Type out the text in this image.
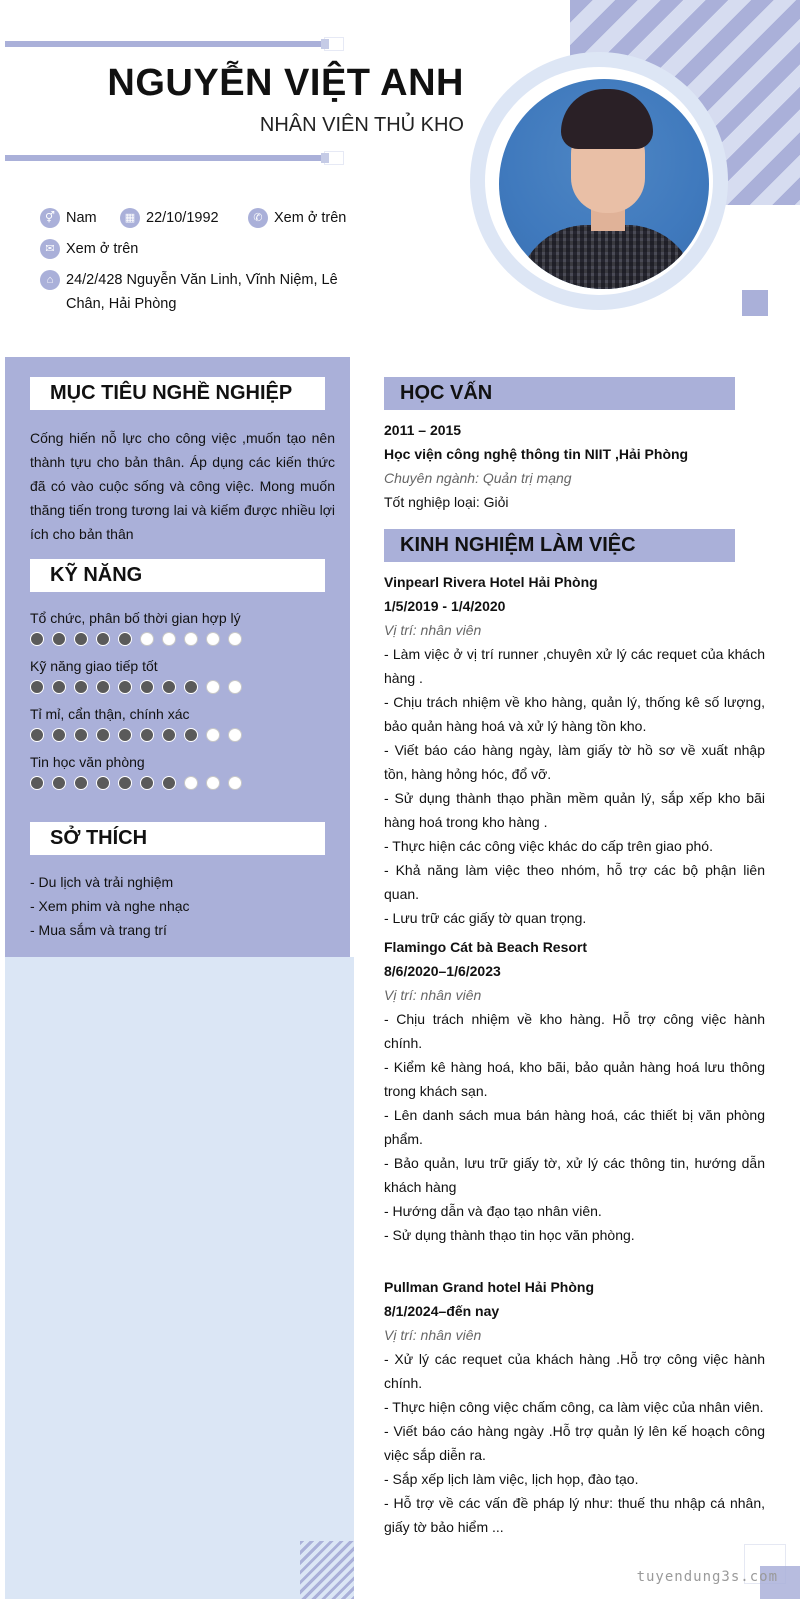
NGUYỄN VIỆT ANH
NHÂN VIÊN THỦ KHO
⚥ Nam	▦ 22/10/1992	✆ Xem ở trên
✉ Xem ở trên
⌂ 24/2/428 Nguyễn Văn Linh, Vĩnh Niệm, Lê Chân, Hải Phòng
MỤC TIÊU NGHỀ NGHIỆP
Cống hiến nỗ lực cho công việc ,muốn tạo nên thành tựu cho bản thân. Áp dụng các kiến thức đã có vào cuộc sống và công việc. Mong muốn thăng tiến trong tương lai và kiếm được nhiều lợi ích cho bản thân
KỸ NĂNG
Tổ chức, phân bố thời gian hợp lý
Kỹ năng giao tiếp tốt
Tỉ mỉ, cẩn thận, chính xác
Tin học văn phòng
SỞ THÍCH
- Du lịch và trải nghiệm
- Xem phim và nghe nhạc
- Mua sắm và trang trí
HỌC VẤN
2011 – 2015
Học viện công nghệ thông tin NIIT ,Hải Phòng
Chuyên ngành: Quản trị mạng
Tốt nghiệp loại: Giỏi
KINH NGHIỆM LÀM VIỆC
Vinpearl Rivera Hotel Hải Phòng
1/5/2019 - 1/4/2020
Vị trí: nhân viên
- Làm việc ở vị trí runner ,chuyên xử lý các requet của khách hàng .
- Chịu trách nhiệm về kho hàng, quản lý, thống kê số lượng, bảo quản hàng hoá và xử lý hàng tồn kho.
- Viết báo cáo hàng ngày, làm giấy tờ hồ sơ về xuất nhập tồn, hàng hỏng hóc, đổ vỡ.
- Sử dụng thành thạo phần mềm quản lý, sắp xếp kho bãi hàng hoá trong kho hàng .
- Thực hiện các công việc khác do cấp trên giao phó.
- Khả năng làm việc theo nhóm, hỗ trợ các bộ phận liên quan.
- Lưu trữ các giấy tờ quan trọng.
Flamingo Cát bà Beach Resort
8/6/2020–1/6/2023
Vị trí: nhân viên
- Chịu trách nhiệm về kho hàng. Hỗ trợ công việc hành chính.
- Kiểm kê hàng hoá, kho bãi, bảo quản hàng hoá lưu thông trong khách sạn.
- Lên danh sách mua bán hàng hoá, các thiết bị văn phòng phẩm.
- Bảo quản, lưu trữ giấy tờ, xử lý các thông tin, hướng dẫn khách hàng
- Hướng dẫn và đạo tạo nhân viên.
- Sử dụng thành thạo tin học văn phòng.
Pullman Grand hotel Hải Phòng
8/1/2024–đến nay
Vị trí: nhân viên
- Xử lý các requet của khách hàng .Hỗ trợ công việc hành chính.
- Thực hiện công việc chấm công, ca làm việc của nhân viên.
- Viết báo cáo hàng ngày .Hỗ trợ quản lý lên kế hoạch công việc sắp diễn ra.
- Sắp xếp lịch làm việc, lịch họp, đào tạo.
- Hỗ trợ về các vấn đề pháp lý như: thuế thu nhập cá nhân, giấy tờ bảo hiểm ...
tuyendung3s.com
